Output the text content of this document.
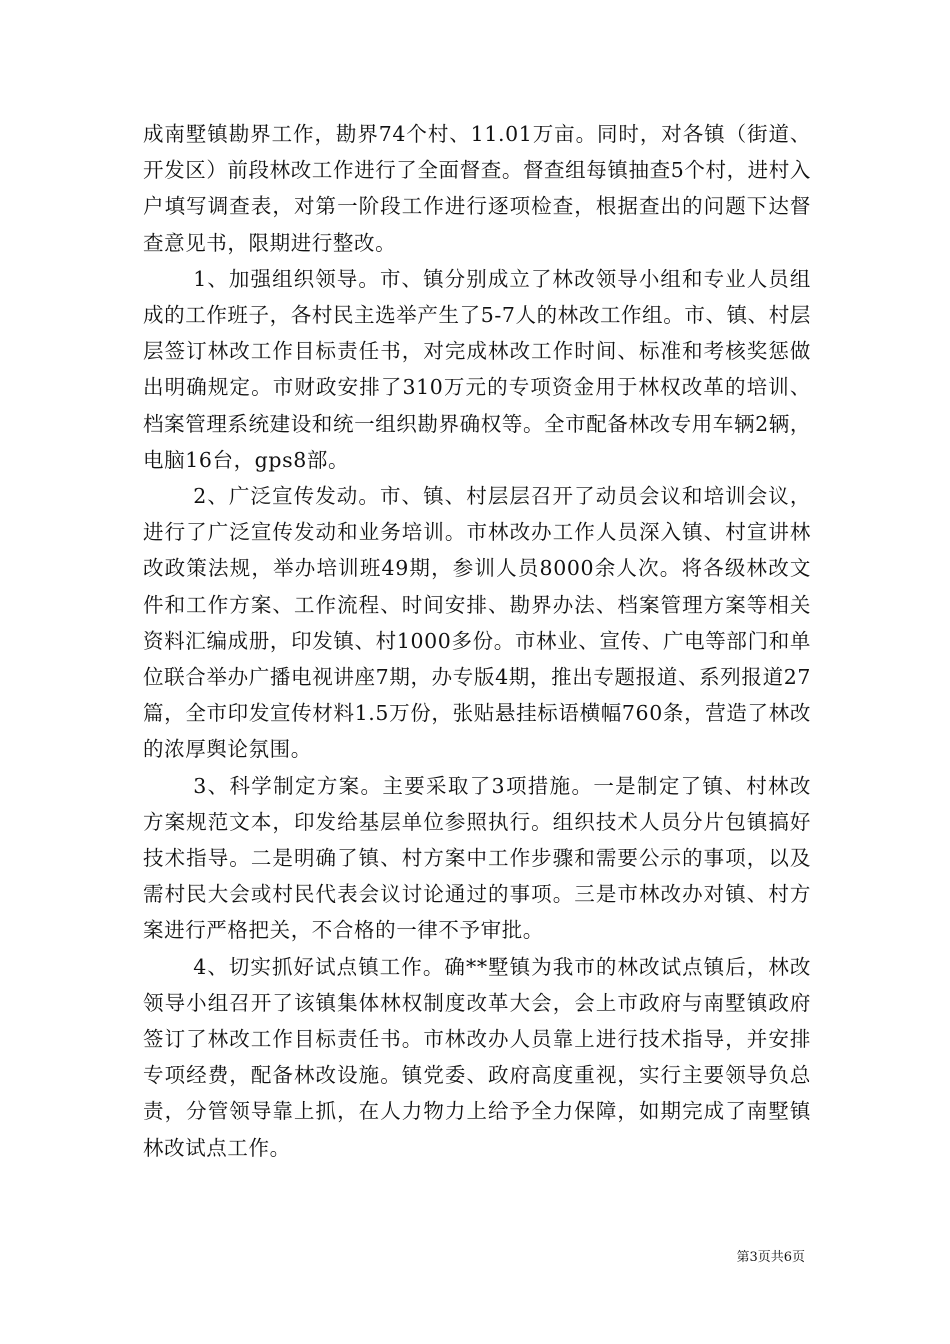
成南墅镇勘界工作，勘界74个村、11.01万亩。同时，对各镇（街道、开发区）前段林改工作进行了全面督查。督查组每镇抽查5个村，进村入户填写调查表，对第一阶段工作进行逐项检查，根据查出的问题下达督查意见书，限期进行整改。

1、加强组织领导。市、镇分别成立了林改领导小组和专业人员组成的工作班子，各村民主选举产生了5-7人的林改工作组。市、镇、村层层签订林改工作目标责任书，对完成林改工作时间、标准和考核奖惩做出明确规定。市财政安排了310万元的专项资金用于林权改革的培训、档案管理系统建设和统一组织勘界确权等。全市配备林改专用车辆2辆，电脑16台，gps8部。

2、广泛宣传发动。市、镇、村层层召开了动员会议和培训会议，进行了广泛宣传发动和业务培训。市林改办工作人员深入镇、村宣讲林改政策法规，举办培训班49期，参训人员8000余人次。将各级林改文件和工作方案、工作流程、时间安排、勘界办法、档案管理方案等相关资料汇编成册，印发镇、村1000多份。市林业、宣传、广电等部门和单位联合举办广播电视讲座7期，办专版4期，推出专题报道、系列报道27篇，全市印发宣传材料1.5万份，张贴悬挂标语横幅760条，营造了林改的浓厚舆论氛围。

3、科学制定方案。主要采取了3项措施。一是制定了镇、村林改方案规范文本，印发给基层单位参照执行。组织技术人员分片包镇搞好技术指导。二是明确了镇、村方案中工作步骤和需要公示的事项，以及需村民大会或村民代表会议讨论通过的事项。三是市林改办对镇、村方案进行严格把关，不合格的一律不予审批。

4、切实抓好试点镇工作。确**墅镇为我市的林改试点镇后，林改领导小组召开了该镇集体林权制度改革大会，会上市政府与南墅镇政府签订了林改工作目标责任书。市林改办人员靠上进行技术指导，并安排专项经费，配备林改设施。镇党委、政府高度重视，实行主要领导负总责，分管领导靠上抓，在人力物力上给予全力保障，如期完成了南墅镇林改试点工作。

第3页共6页
